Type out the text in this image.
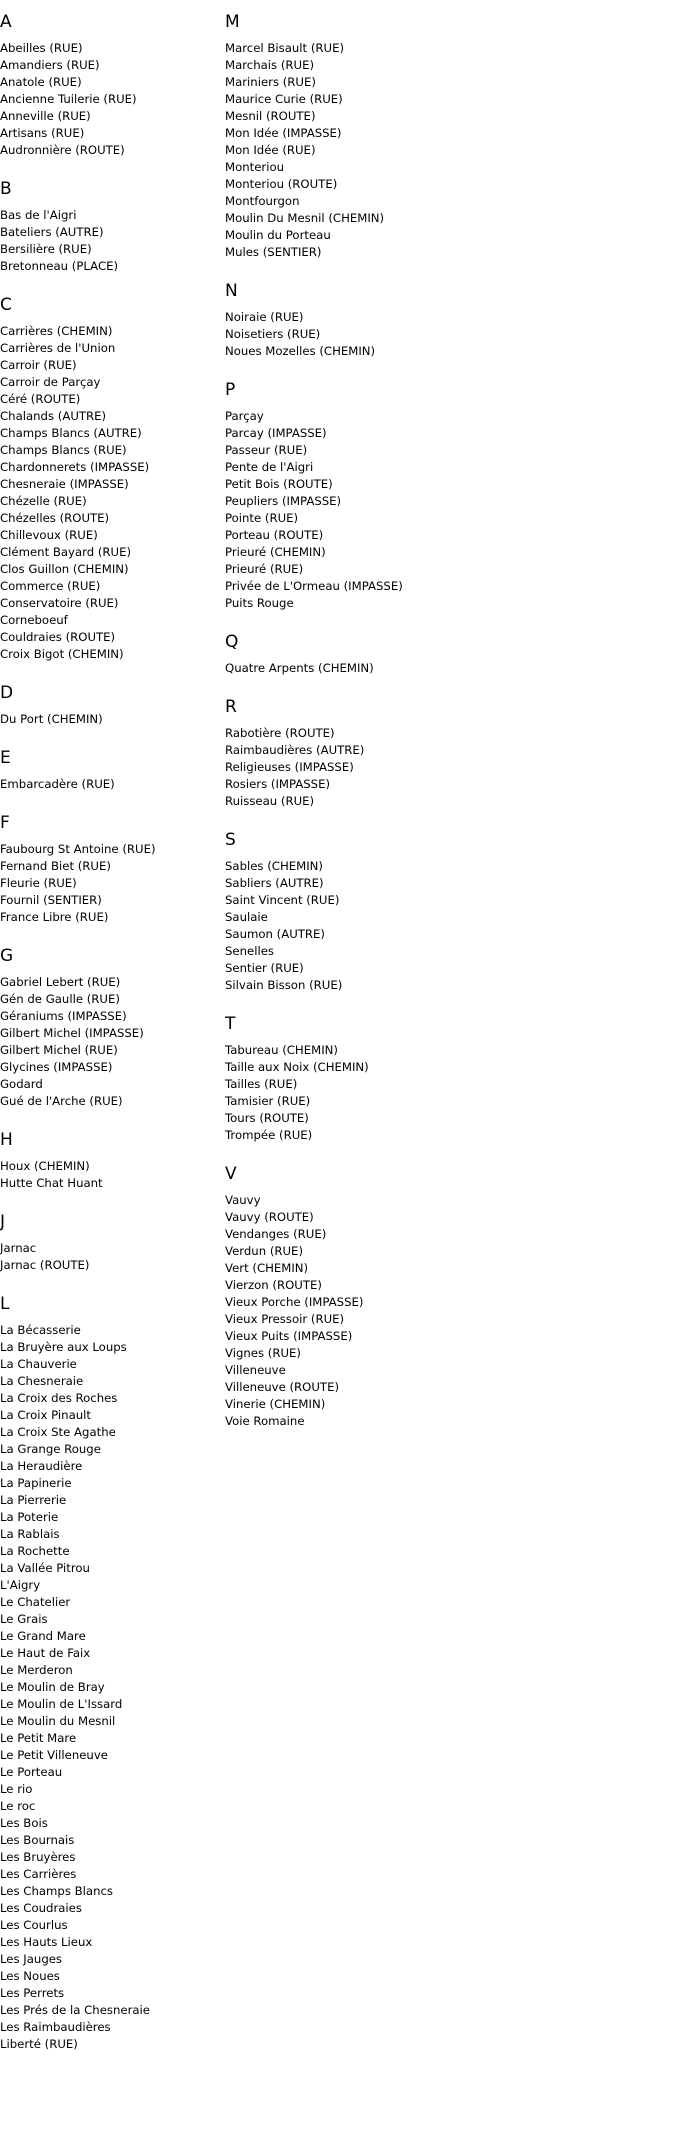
A
Abeilles (RUE)
Amandiers (RUE)
Anatole (RUE)
Ancienne Tuilerie (RUE)
Anneville (RUE)
Artisans (RUE)
Audronnière (ROUTE)
B
Bas de l'Aigri
Bateliers (AUTRE)
Bersilière (RUE)
Bretonneau (PLACE)
C
Carrières (CHEMIN)
Carrières de l'Union
Carroir (RUE)
Carroir de Parçay
Céré (ROUTE)
Chalands (AUTRE)
Champs Blancs (AUTRE)
Champs Blancs (RUE)
Chardonnerets (IMPASSE)
Chesneraie (IMPASSE)
Chézelle (RUE)
Chézelles (ROUTE)
Chillevoux (RUE)
Clément Bayard (RUE)
Clos Guillon (CHEMIN)
Commerce (RUE)
Conservatoire (RUE)
Corneboeuf
Couldraies (ROUTE)
Croix Bigot (CHEMIN)
D
Du Port (CHEMIN)
E
Embarcadère (RUE)
F
Faubourg St Antoine (RUE)
Fernand Biet (RUE)
Fleurie (RUE)
Fournil (SENTIER)
France Libre (RUE)
G
Gabriel Lebert (RUE)
Gén de Gaulle (RUE)
Géraniums (IMPASSE)
Gilbert Michel (IMPASSE)
Gilbert Michel (RUE)
Glycines (IMPASSE)
Godard
Gué de l'Arche (RUE)
H
Houx (CHEMIN)
Hutte Chat Huant
J
Jarnac
Jarnac (ROUTE)
L
La Bécasserie
La Bruyère aux Loups
La Chauverie
La Chesneraie
La Croix des Roches
La Croix Pinault
La Croix Ste Agathe
La Grange Rouge
La Heraudière
La Papinerie
La Pierrerie
La Poterie
La Rablais
La Rochette
La Vallée Pitrou
L'Aigry
Le Chatelier
Le Grais
Le Grand Mare
Le Haut de Faix
Le Merderon
Le Moulin de Bray
Le Moulin de L'Issard
Le Moulin du Mesnil
Le Petit Mare
Le Petit Villeneuve
Le Porteau
Le rio
Le roc
Les Bois
Les Bournais
Les Bruyères
Les Carrières
Les Champs Blancs
Les Coudraies
Les Courlus
Les Hauts Lieux
Les Jauges
Les Noues
Les Perrets
Les Prés de la Chesneraie
Les Raimbaudières
Liberté (RUE)
M
Marcel Bisault (RUE)
Marchais (RUE)
Mariniers (RUE)
Maurice Curie (RUE)
Mesnil (ROUTE)
Mon Idée (IMPASSE)
Mon Idée (RUE)
Monteriou
Monteriou (ROUTE)
Montfourgon
Moulin Du Mesnil (CHEMIN)
Moulin du Porteau
Mules (SENTIER)
N
Noiraie (RUE)
Noisetiers (RUE)
Noues Mozelles (CHEMIN)
P
Parçay
Parcay (IMPASSE)
Passeur (RUE)
Pente de l'Aigri
Petit Bois (ROUTE)
Peupliers (IMPASSE)
Pointe (RUE)
Porteau (ROUTE)
Prieuré (CHEMIN)
Prieuré (RUE)
Privée de L'Ormeau (IMPASSE)
Puits Rouge
Q
Quatre Arpents (CHEMIN)
R
Rabotière (ROUTE)
Raimbaudières (AUTRE)
Religieuses (IMPASSE)
Rosiers (IMPASSE)
Ruisseau (RUE)
S
Sables (CHEMIN)
Sabliers (AUTRE)
Saint Vincent (RUE)
Saulaie
Saumon (AUTRE)
Senelles
Sentier (RUE)
Silvain Bisson (RUE)
T
Tabureau (CHEMIN)
Taille aux Noix (CHEMIN)
Tailles (RUE)
Tamisier (RUE)
Tours (ROUTE)
Trompée (RUE)
V
Vauvy
Vauvy (ROUTE)
Vendanges (RUE)
Verdun (RUE)
Vert (CHEMIN)
Vierzon (ROUTE)
Vieux Porche (IMPASSE)
Vieux Pressoir (RUE)
Vieux Puits (IMPASSE)
Vignes (RUE)
Villeneuve
Villeneuve (ROUTE)
Vinerie (CHEMIN)
Voie Romaine
